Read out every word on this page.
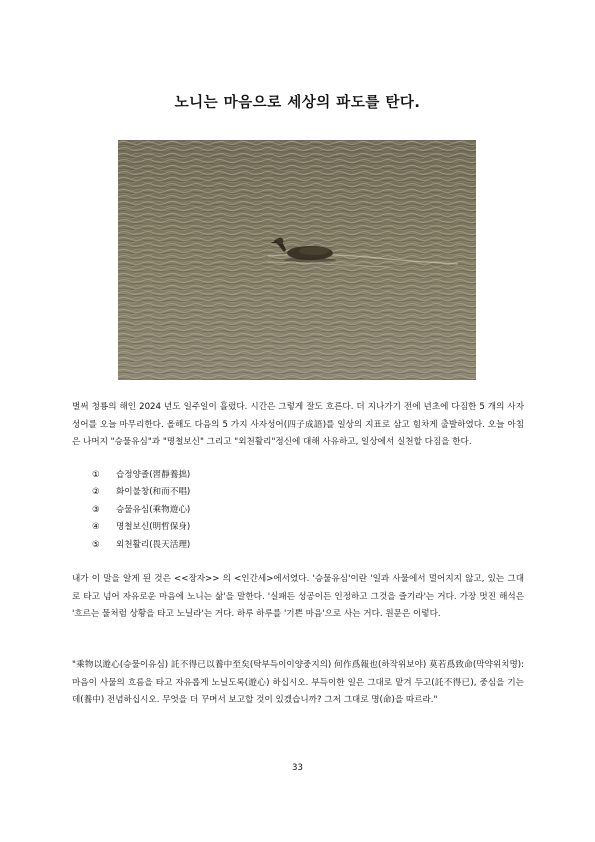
노니는 마음으로 세상의 파도를 탄다.
벌써 청룡의 해인 2024 년도 일주일이 흘렀다. 시간은 그렇게 잘도 흐른다. 더 지나가기 전에 년초에 다짐한 5 개의 사자 성어를 오늘 마무리한다. 올해도 다음의 5 가지 사자성어(四子成語)를 일상의 지표로 삼고 힘차게 출발하였다. 오늘 아침은 나머지 "승물유심"과 "명철보신" 그리고 "외천활리"정신에 대해 사유하고, 일상에서 실천할 다짐을 한다.
① 습정양졸(習靜養拙)
② 화이불창(和而不唱)
③ 승물유심(乘物遊心)
④ 명철보신(明哲保身)
⑤ 외천활리(畏天活理)
내가 이 말을 알게 된 것은 <<장자>> 의 <인간세>에서였다. '승물유심'이란 '일과 사물에서 멀어지지 않고, 있는 그대로 타고 넘어 자유로운 마음에 노니는 삶'을 말한다. '실패든 성공이든 인정하고 그것을 즐기라'는 거다. 가장 멋진 해석은 '흐르는 물처럼 상황을 타고 노닐라'는 거다. 하루 하루를 '기쁜 마음'으로 사는 거다. 원문은 이렇다.
"乘物以遊心(승물이유심) 託不得已以養中至矣(탁부득이이양중지의) 何作爲報也(하작위보야) 莫若爲致命(막약위치명): 마음이 사물의 흐름을 타고 자유롭게 노닐도록(遊心) 하십시오. 부득이한 일은 그대로 맡겨 두고(託不得已), 중심을 기는 데(養中) 전념하십시오. 무엇을 더 꾸며서 보고할 것이 있겠습니까? 그저 그대로 명(命)을 따르라."
33
